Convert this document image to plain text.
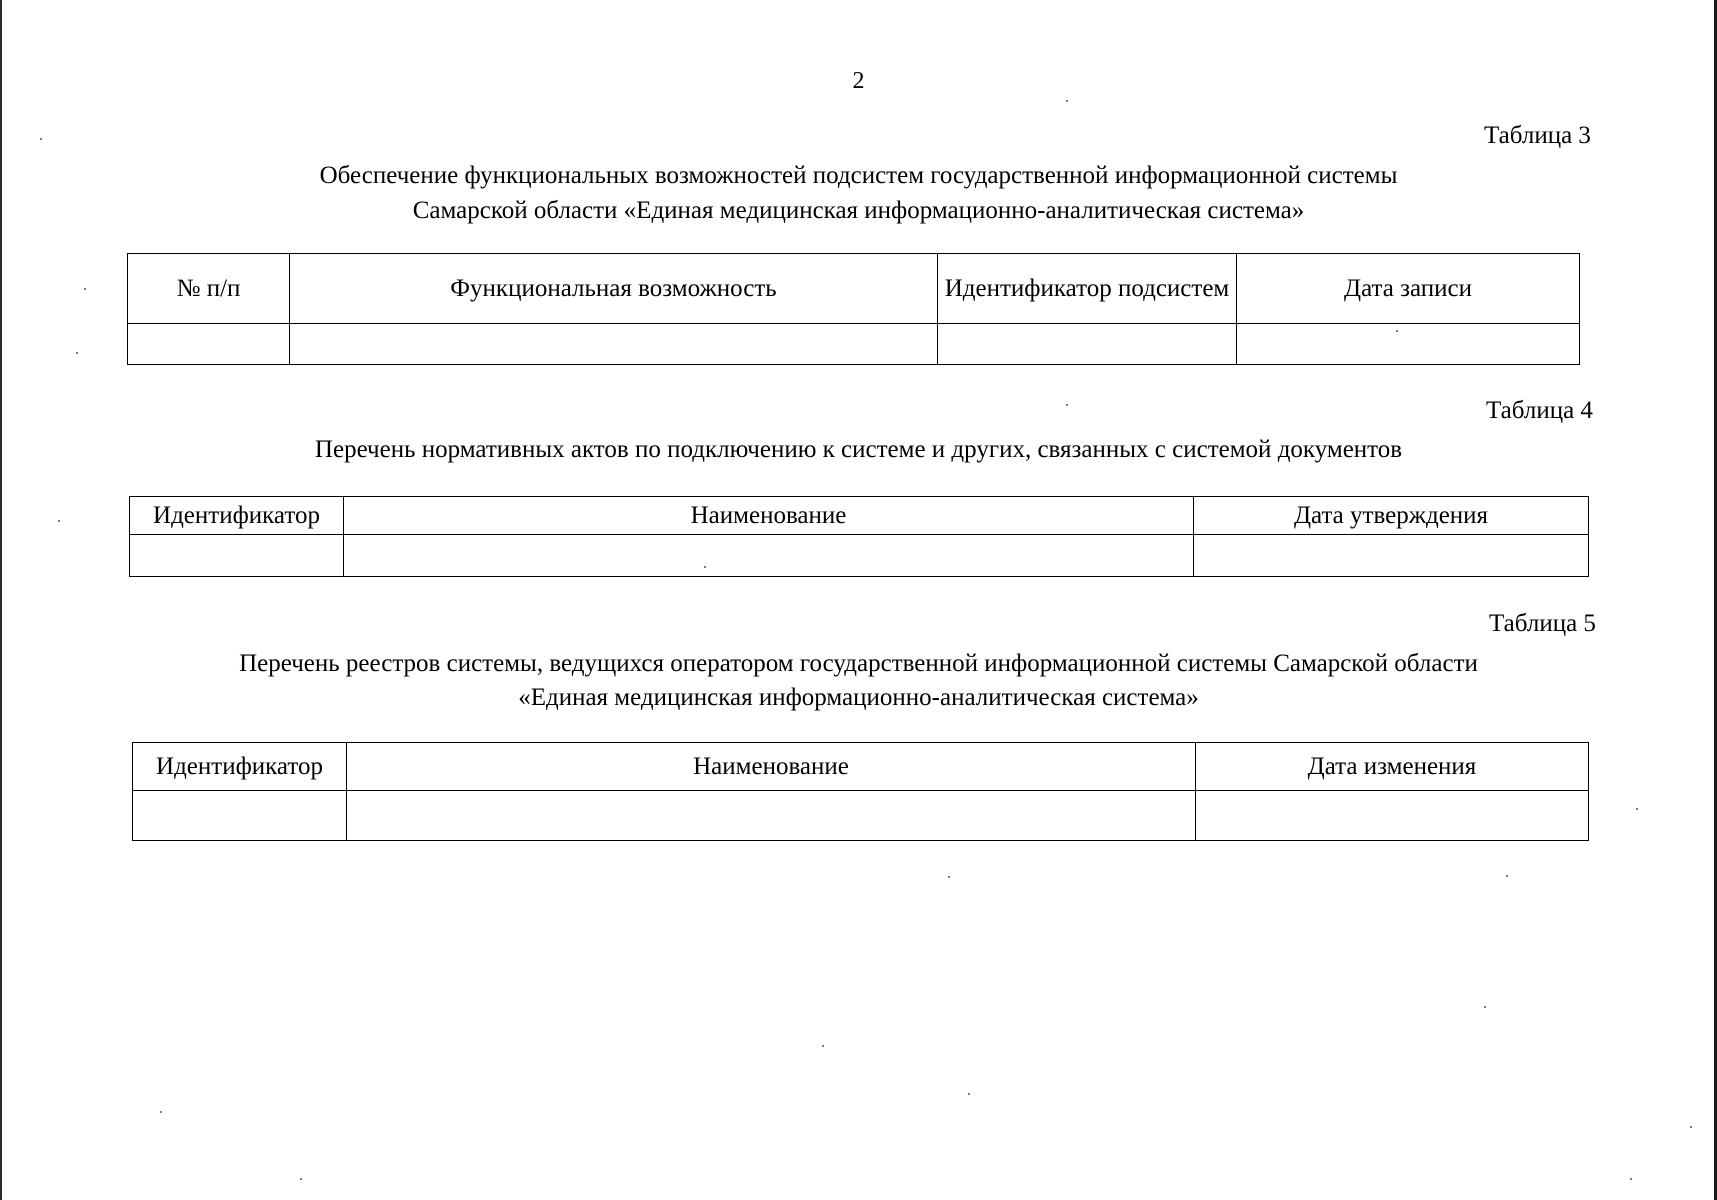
2
Таблица 3
Обеспечение функциональных возможностей подсистем государственной информационной системы
Самарской области «Единая медицинская информационно-аналитическая система»
№ п/п	Функциональная возможность	Идентификатор подсистем	Дата записи

Таблица 4
Перечень нормативных актов по подключению к системе и других, связанных с системой документов
Идентификатор	Наименование	Дата утверждения

Таблица 5
Перечень реестров системы, ведущихся оператором государственной информационной системы Самарской области
«Единая медицинская информационно-аналитическая система»
Идентификатор	Наименование	Дата изменения
